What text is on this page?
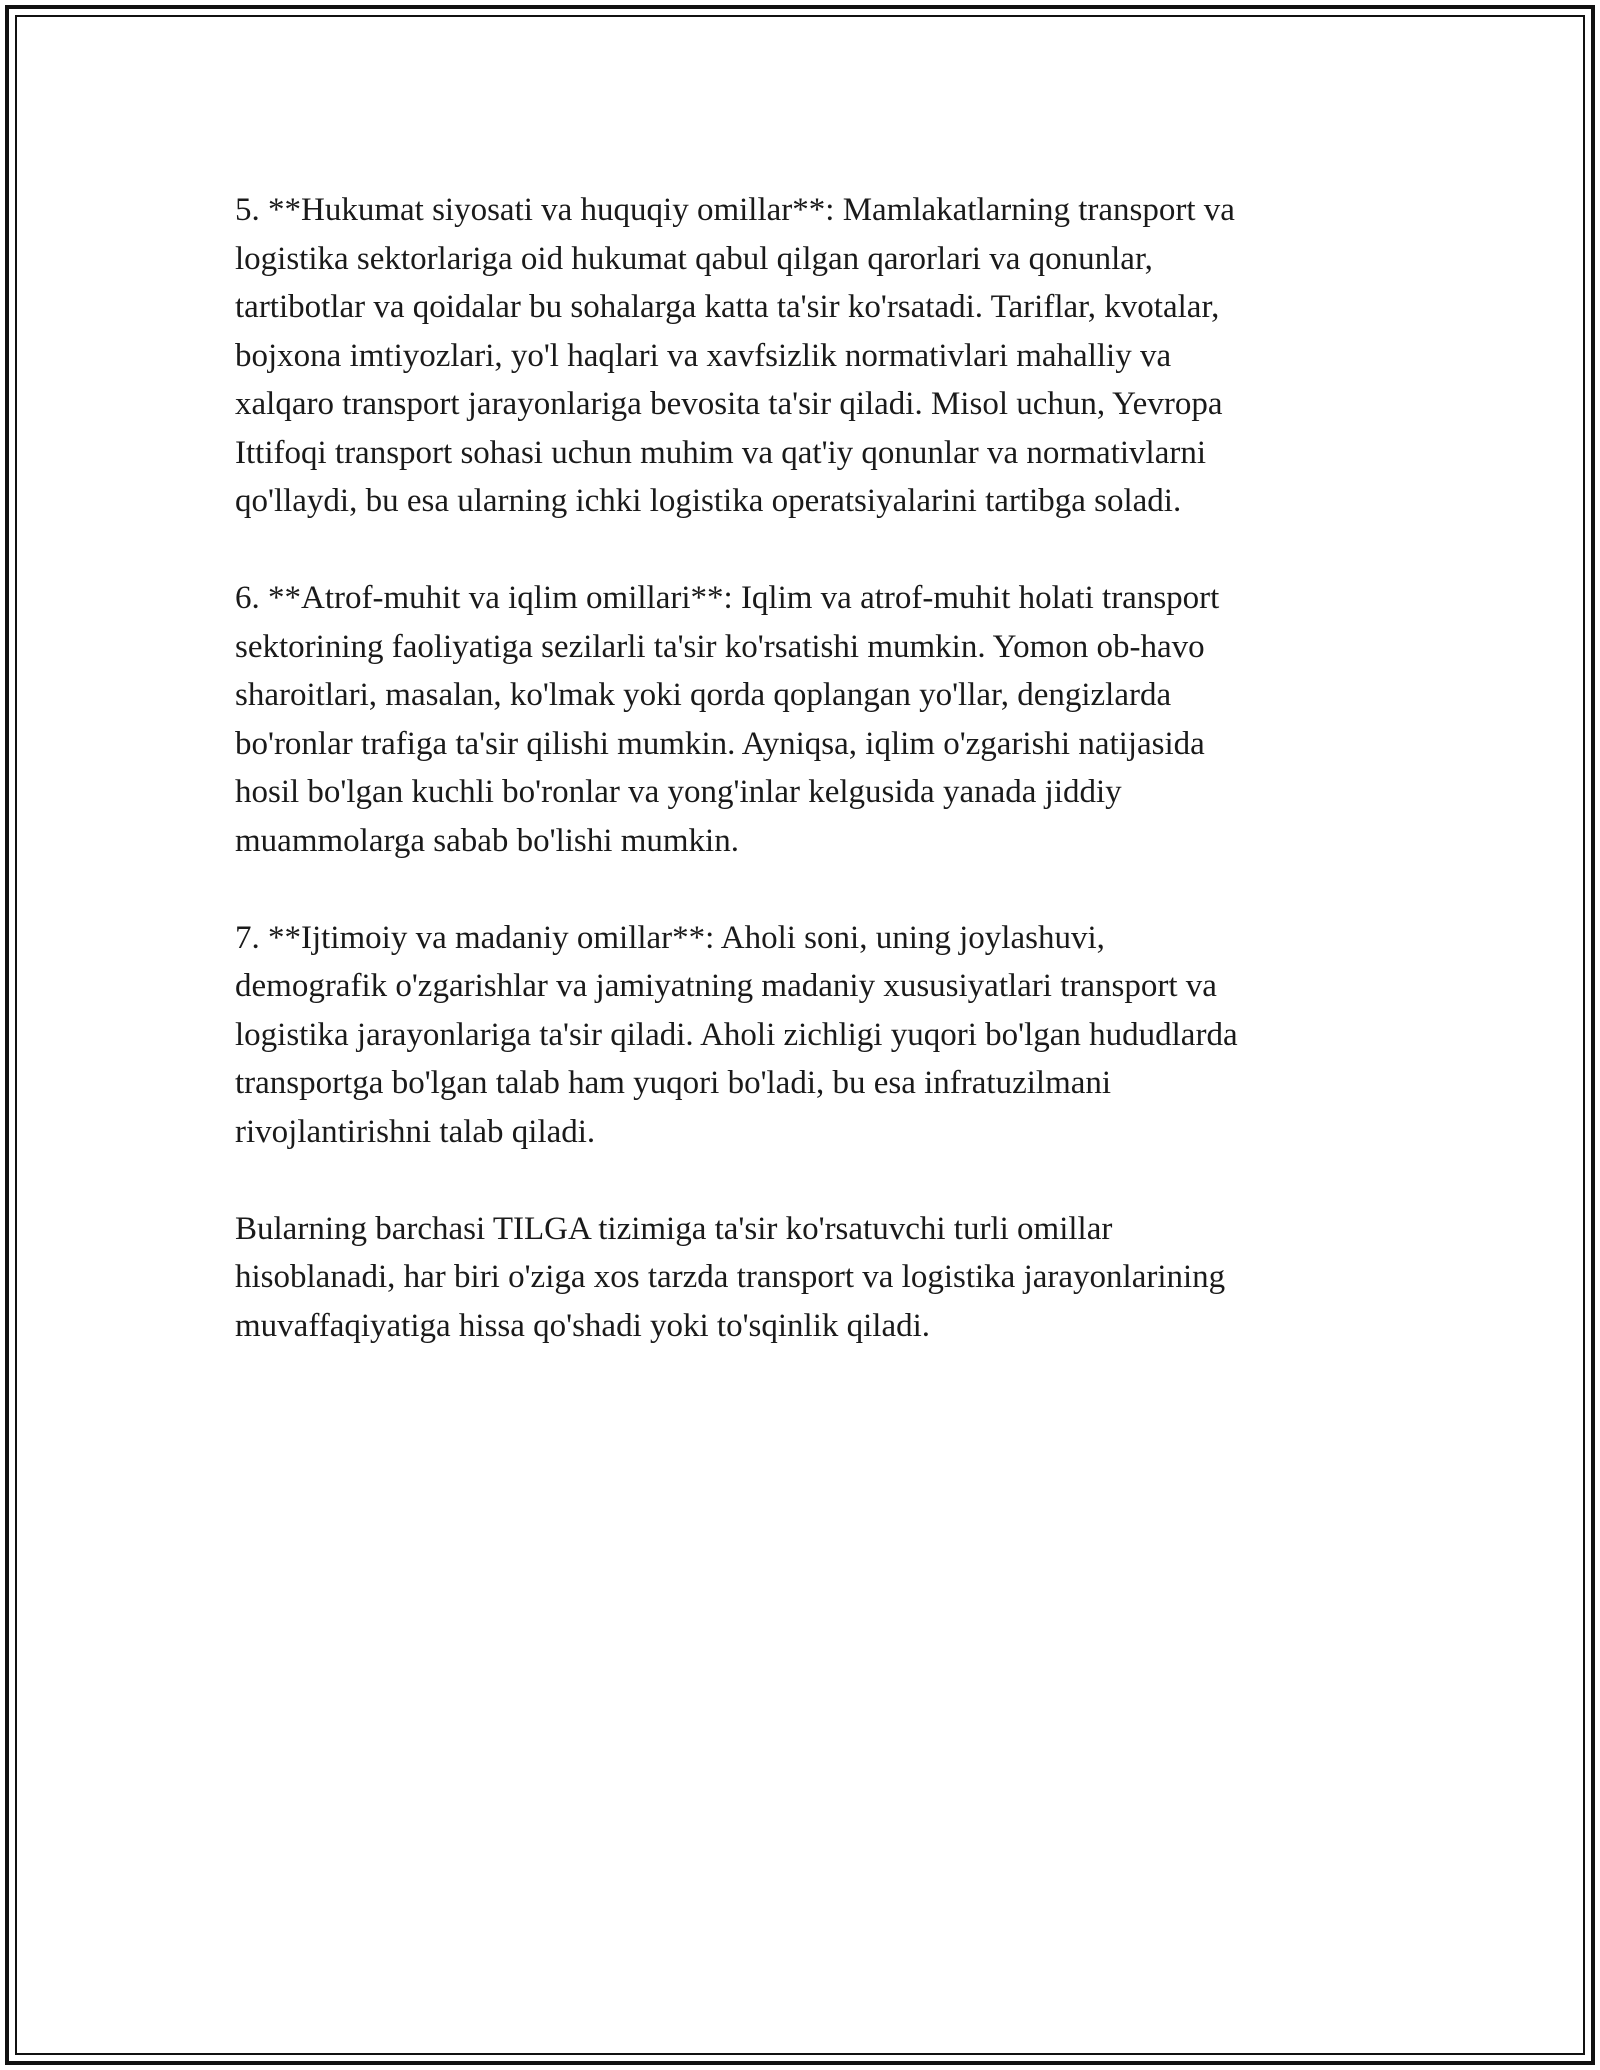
5. **Hukumat siyosati va huquqiy omillar**: Mamlakatlarning transport va
logistika sektorlariga oid hukumat qabul qilgan qarorlari va qonunlar,
tartibotlar va qoidalar bu sohalarga katta ta'sir ko'rsatadi. Tariflar, kvotalar,
bojxona imtiyozlari, yo'l haqlari va xavfsizlik normativlari mahalliy va
xalqaro transport jarayonlariga bevosita ta'sir qiladi. Misol uchun, Yevropa
Ittifoqi transport sohasi uchun muhim va qat'iy qonunlar va normativlarni
qo'llaydi, bu esa ularning ichki logistika operatsiyalarini tartibga soladi.

6. **Atrof-muhit va iqlim omillari**: Iqlim va atrof-muhit holati transport
sektorining faoliyatiga sezilarli ta'sir ko'rsatishi mumkin. Yomon ob-havo
sharoitlari, masalan, ko'lmak yoki qorda qoplangan yo'llar, dengizlarda
bo'ronlar trafiga ta'sir qilishi mumkin. Ayniqsa, iqlim o'zgarishi natijasida
hosil bo'lgan kuchli bo'ronlar va yong'inlar kelgusida yanada jiddiy
muammolarga sabab bo'lishi mumkin.

7. **Ijtimoiy va madaniy omillar**: Aholi soni, uning joylashuvi,
demografik o'zgarishlar va jamiyatning madaniy xususiyatlari transport va
logistika jarayonlariga ta'sir qiladi. Aholi zichligi yuqori bo'lgan hududlarda
transportga bo'lgan talab ham yuqori bo'ladi, bu esa infratuzilmani
rivojlantirishni talab qiladi.

Bularning barchasi TILGA tizimiga ta'sir ko'rsatuvchi turli omillar
hisoblanadi, har biri o'ziga xos tarzda transport va logistika jarayonlarining
muvaffaqiyatiga hissa qo'shadi yoki to'sqinlik qiladi.
